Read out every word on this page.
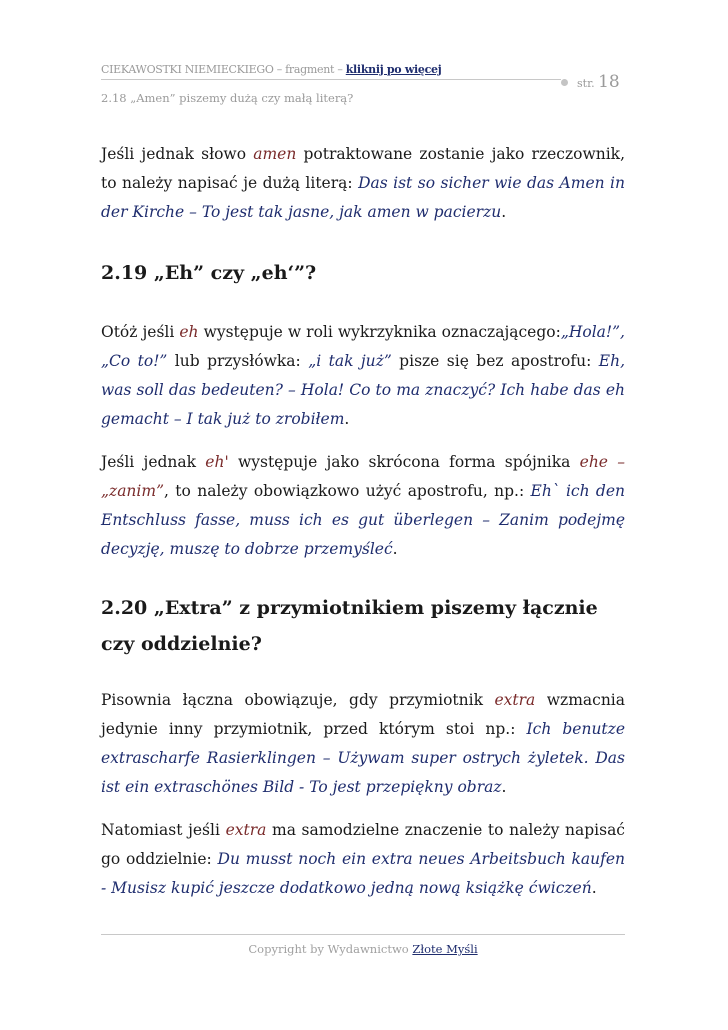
CIEKAWOSTKI NIEMIECKIEGO – fragment – kliknij po więcej
str. 18
2.18 „Amen” piszemy dużą czy małą literą?

Jeśli jednak słowo amen potraktowane zostanie jako rzeczownik, to należy napisać je dużą literą: Das ist so sicher wie das Amen in der Kirche – To jest tak jasne, jak amen w pacierzu.

2.19 „Eh” czy „eh‘”?

Otóż jeśli eh występuje w roli wykrzyknika oznaczającego:„Hola!”, „Co to!” lub przysłówka: „i tak już” pisze się bez apostrofu: Eh, was soll das bedeuten? – Hola! Co to ma znaczyć? Ich habe das eh gemacht – I tak już to zrobiłem.

Jeśli jednak eh' występuje jako skrócona forma spójnika ehe – „zanim”, to należy obowiązkowo użyć apostrofu, np.: Eh` ich den Entschluss fasse, muss ich es gut überlegen – Zanim podejmę decyzję, muszę to dobrze przemyśleć.

2.20 „Extra” z przymiotnikiem piszemy łącznie czy oddzielnie?

Pisownia łączna obowiązuje, gdy przymiotnik extra wzmacnia jedynie inny przymiotnik, przed którym stoi np.: Ich benutze extrascharfe Rasierklingen – Używam super ostrych żyletek. Das ist ein extraschönes Bild - To jest przepiękny obraz.

Natomiast jeśli extra ma samodzielne znaczenie to należy napisać go oddzielnie: Du musst noch ein extra neues Arbeitsbuch kaufen - Musisz kupić jeszcze dodatkowo jedną nową książkę ćwiczeń.

Copyright by Wydawnictwo Złote Myśli
